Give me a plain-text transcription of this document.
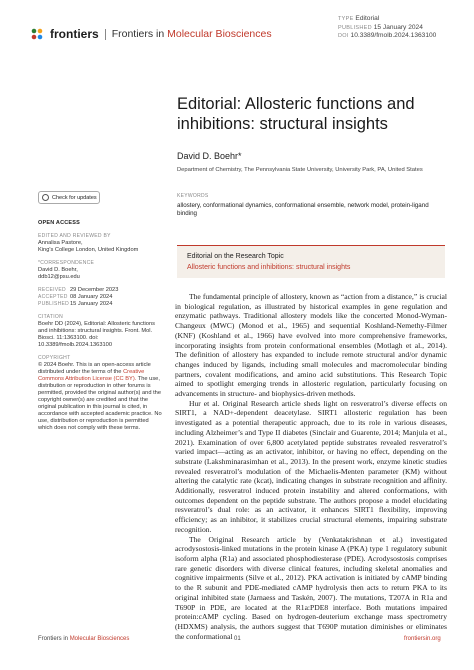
frontiers Frontiers in Molecular Biosciences
TYPE Editorial
PUBLISHED 15 January 2024
DOI 10.3389/fmolb.2024.1363100
Check for updates
OPEN ACCESS
EDITED AND REVIEWED BY
Annalisa Pastore,
King's College London, United Kingdom
*CORRESPONDENCE
David D. Boehr,
ddb12@psu.edu
RECEIVED 29 December 2023
ACCEPTED 08 January 2024
PUBLISHED 15 January 2024
CITATION
Boehr DD (2024), Editorial: Allosteric functions and inhibitions: structural insights. Front. Mol. Biosci. 11:1363100. doi: 10.3389/fmolb.2024.1363100
COPYRIGHT
© 2024 Boehr. This is an open-access article distributed under the terms of the Creative Commons Attribution License (CC BY). The use, distribution or reproduction in other forums is permitted, provided the original author(s) and the copyright owner(s) are credited and that the original publication in this journal is cited, in accordance with accepted academic practice. No use, distribution or reproduction is permitted which does not comply with these terms.
Editorial: Allosteric functions and inhibitions: structural insights
David D. Boehr*
Department of Chemistry, The Pennsylvania State University, University Park, PA, United States
KEYWORDS
allostery, conformational dynamics, conformational ensemble, network model, protein-ligand binding
Editorial on the Research Topic
Allosteric functions and inhibitions: structural insights

The fundamental principle of allostery, known as “action from a distance,” is crucial in biological regulation, as illustrated by historical examples in gene regulation and enzymatic pathways. Traditional allostery models like the concerted Monod-Wyman-Changeux (MWC) (Monod et al., 1965) and sequential Koshland-Nemethy-Filmer (KNF) (Koshland et al., 1966) have evolved into more comprehensive frameworks, incorporating insights from protein conformational ensembles (Motlagh et al., 2014). The definition of allostery has expanded to include remote structural and/or dynamic changes induced by ligands, including small molecules and macromolecular binding partners, covalent modifications, and amino acid substitutions. This Research Topic aimed to spotlight emerging trends in allosteric regulation, particularly focusing on advancements in structure- and biophysics-driven methods.

Hur et al. Original Research article sheds light on resveratrol’s diverse effects on SIRT1, a NAD+-dependent deacetylase. SIRT1 allosteric regulation has been investigated as a potential therapeutic approach, due to its role in various diseases, including Alzheimer’s and Type II diabetes (Sinclair and Guarente, 2014; Manjula et al., 2021). Examination of over 6,800 acetylated peptide substrates revealed resveratrol’s varied impact—acting as an activator, inhibitor, or having no effect, depending on the substrate (Lakshminarasimhan et al., 2013). In the present work, enzyme kinetic studies revealed resveratrol’s modulation of the Michaelis-Menten parameter (KM) without altering the catalytic rate (kcat), indicating changes in substrate recognition and affinity. Additionally, resveratrol induced protein instability and altered conformations, with outcomes dependent on the peptide substrate. The authors propose a model elucidating resveratrol’s dual role: as an activator, it enhances SIRT1 flexibility, improving efficiency; as an inhibitor, it stabilizes crucial structural elements, impairing substrate recognition.

The Original Research article by (Venkatakrishnan et al.) investigated acrodysostosis-linked mutations in the protein kinase A (PKA) type 1 regulatory subunit isoform alpha (R1a) and associated phosphodiesterase (PDE). Acrodysostosis comprises rare genetic disorders with diverse clinical features, including skeletal anomalies and cognitive impairments (Silve et al., 2012). PKA activation is initiated by cAMP binding to the R subunit and PDE-mediated cAMP hydrolysis then acts to return PKA to its original inhibited state (Jarnaess and Taskén, 2007). The mutations, T207A in R1a and T690P in PDE, are located at the R1a:PDE8 interface. Both mutations impaired protein:cAMP cycling. Based on hydrogen-deuterium exchange mass spectrometry (HDXMS) analysis, the authors suggest that T690P mutation diminishes or eliminates the conformational

Frontiers in Molecular Biosciences	01	frontiersin.org
